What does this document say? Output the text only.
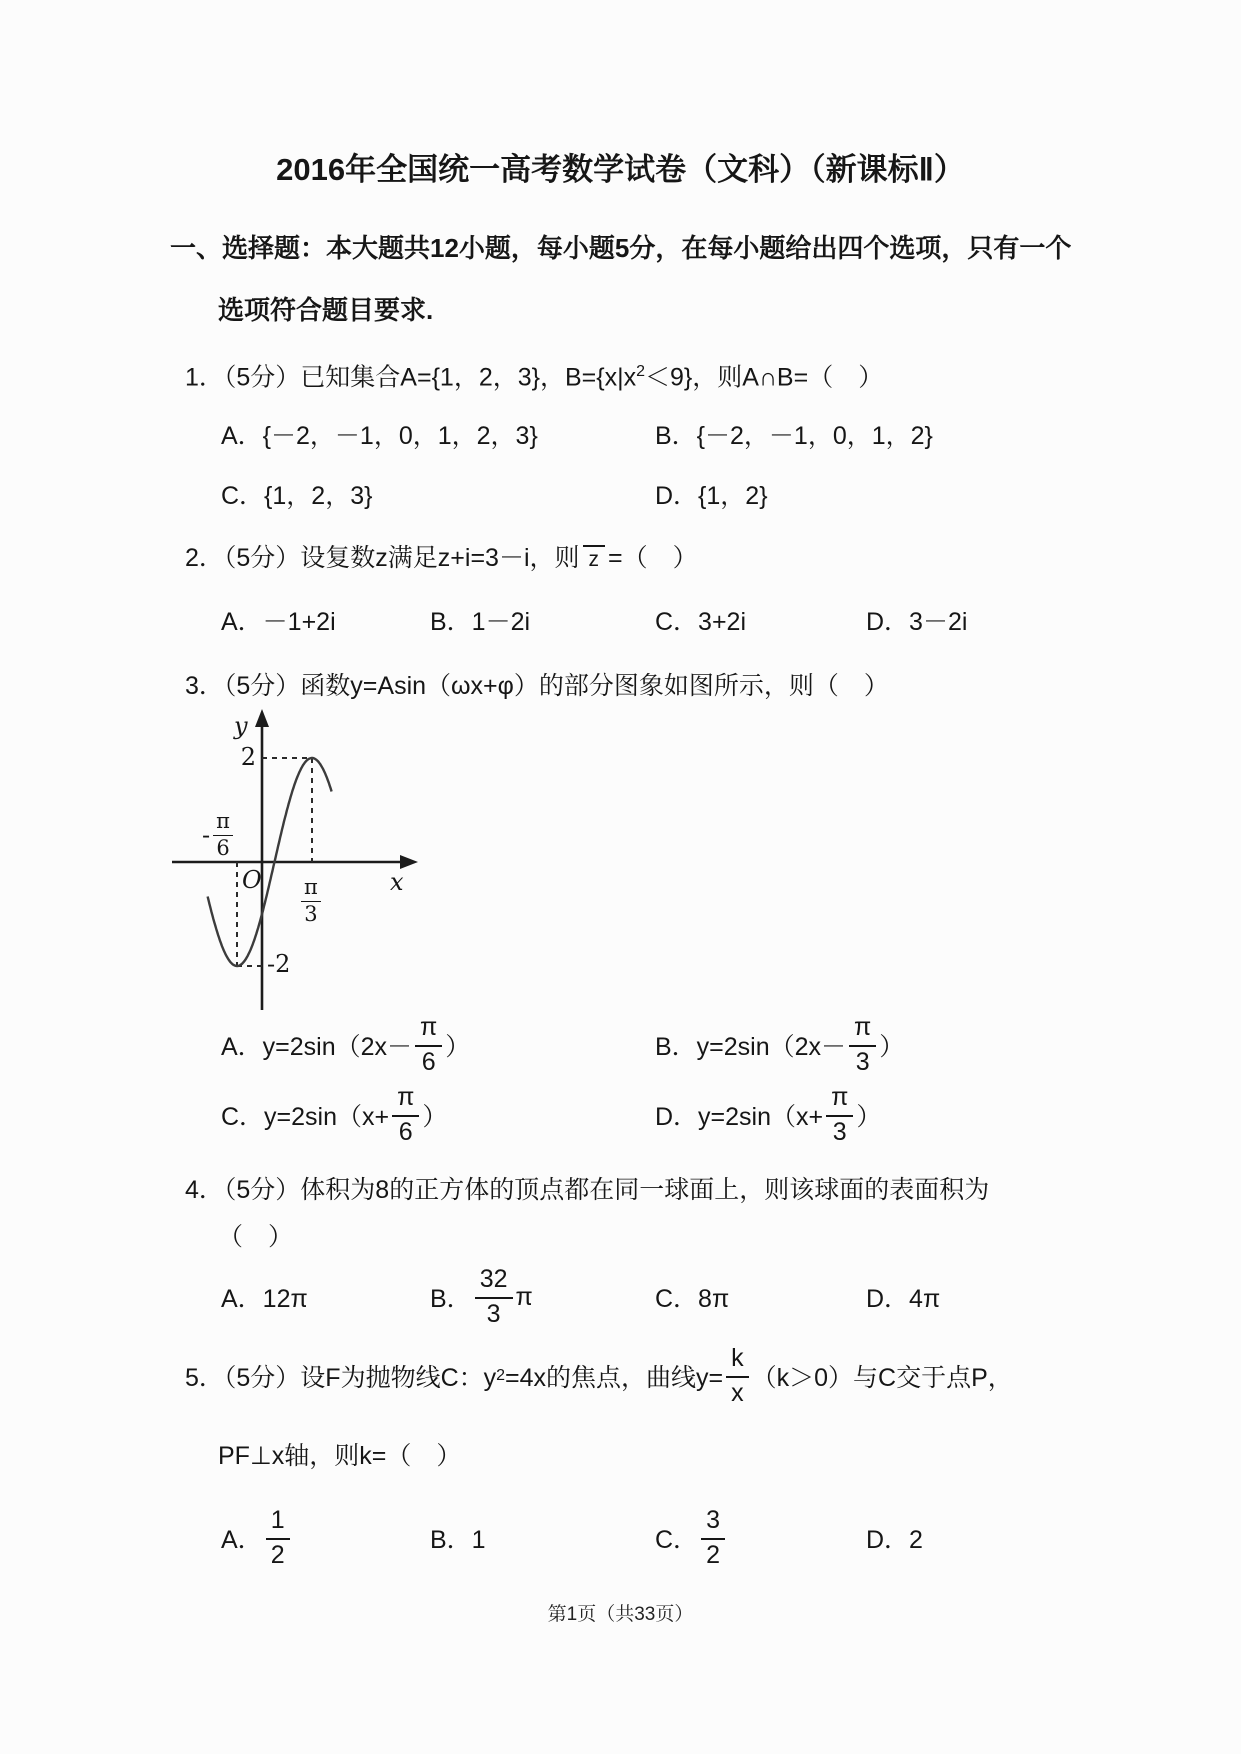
2016年全国统一高考数学试卷（文科）（新课标Ⅱ）
一、选择题：本大题共12小题，每小题5分，在每小题给出四个选项，只有一个
选项符合题目要求.
1．（5分）已知集合A={1，2，3}，$B=\{x|x^2<9\}$，则A∩B=（　）
A．{－2，－1，0，1，2，3}	B．{－2，－1，0，1，2}
C．{1，2，3}	D．{1，2}
2．（5分）设复数z满足z+i=3－i，则 z =（　）
A．－1+2i	B．1－2i	C．3+2i	D．3－2i
3．（5分）函数y=Asin（ωx+φ）的部分图象如图所示，则（　）
y
2
-2
O	x
- $\frac{\pi}{6}$
$\frac{\pi}{3}$
A．$y=2\sin(2x- \frac{\pi}{6}$ ）	B．$y=2\sin(2x- \frac{\pi}{3}$ ）
C．$y=2\sin(x+ \frac{\pi}{6}$ ）	D．$y=2\sin(x+ \frac{\pi}{3}$ ）
4．（5分）体积为8的正方体的顶点都在同一球面上，则该球面的表面积为
（　）
A．12π	B． $\frac{32}{3}$ π	C．8π	D．4π
5．（5分）设F为抛物线C：y 2 =4x的焦点，曲线$y= \frac{k}{x} (k>0)$与C交于点P，
PF⊥x轴，则k=（　）
A． $\frac{1}{2}$	B．1	C． $\frac{3}{2}$	D．2
第1页（共33页）
